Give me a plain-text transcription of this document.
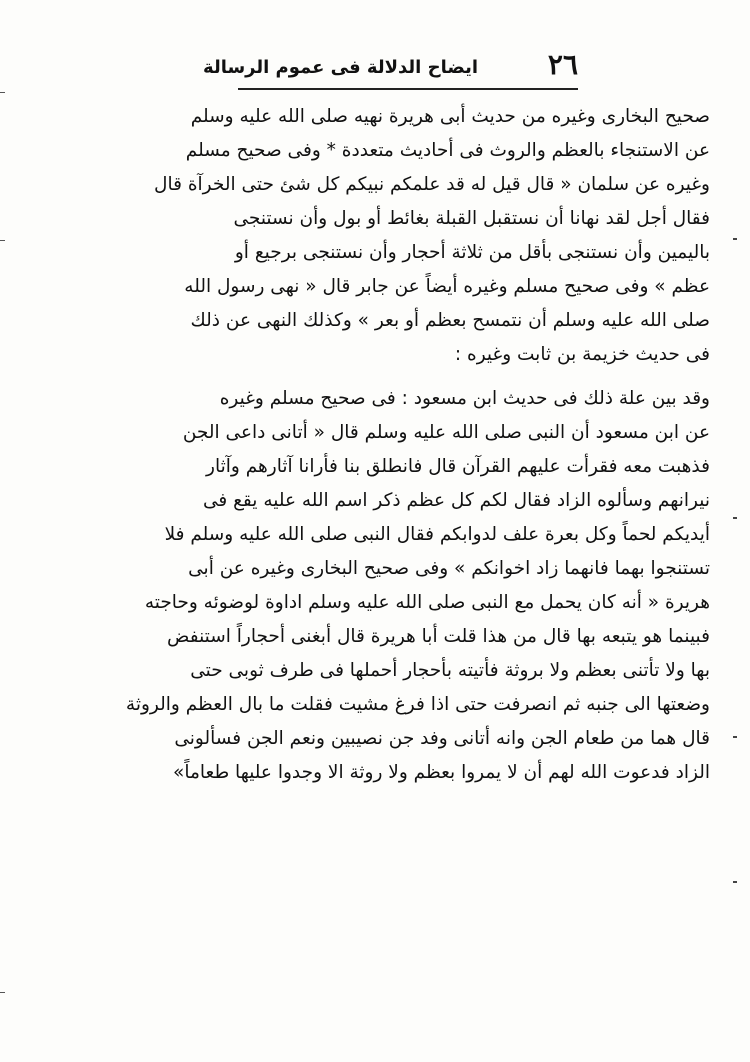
٢٦
ايضاح الدلالة فى عموم الرسالة
صحيح البخارى وغيره من حديث أبى هريرة نهيه صلى الله عليه وسلم
عن الاستنجاء بالعظم والروث فى أحاديث متعددة * وفى صحيح مسلم
وغيره عن سلمان « قال قيل له قد علمكم نبيكم كل شئ حتى الخرآة قال
فقال أجل لقد نهانا أن نستقبل القبلة بغائط أو بول وأن نستنجى
باليمين وأن نستنجى بأقل من ثلاثة أحجار وأن نستنجى برجيع أو
عظم » وفى صحيح مسلم وغيره أيضاً عن جابر قال « نهى رسول الله
صلى الله عليه وسلم أن نتمسح بعظم أو بعر » وكذلك النهى عن ذلك
فى حديث خزيمة بن ثابت وغيره :
وقد بين علة ذلك فى حديث ابن مسعود : فى صحيح مسلم وغيره
عن ابن مسعود أن النبى صلى الله عليه وسلم قال « أتانى داعى الجن
فذهبت معه فقرأت عليهم القرآن قال فانطلق بنا فأرانا آثارهم وآثار
نيرانهم وسألوه الزاد فقال لكم كل عظم ذكر اسم الله عليه يقع فى
أيديكم لحماً وكل بعرة علف لدوابكم فقال النبى صلى الله عليه وسلم فلا
تستنجوا بهما فانهما زاد اخوانكم » وفى صحيح البخارى وغيره عن أبى
هريرة « أنه كان يحمل مع النبى صلى الله عليه وسلم اداوة لوضوئه وحاجته
فبينما هو يتبعه بها قال من هذا قلت أبا هريرة قال أبغنى أحجاراً استنفض
بها ولا تأتنى بعظم ولا بروثة فأتيته بأحجار أحملها فى طرف ثوبى حتى
وضعتها الى جنبه ثم انصرفت حتى اذا فرغ مشيت فقلت ما بال العظم والروثة
قال هما من طعام الجن وانه أتانى وفد جن نصيبين ونعم الجن فسألونى
الزاد فدعوت الله لهم أن لا يمروا بعظم ولا روثة الا وجدوا عليها طعاماً»
